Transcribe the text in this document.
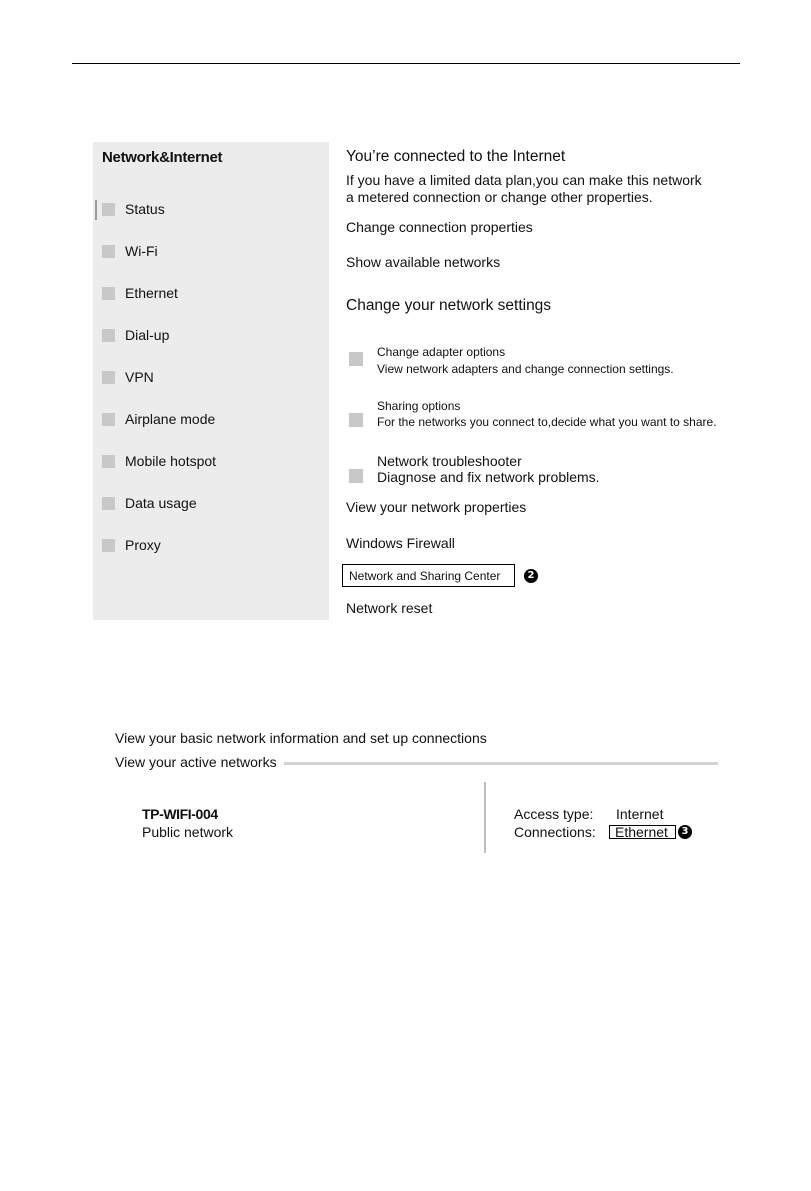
Network&Internet
Status
Wi-Fi
Ethernet
Dial-up
VPN
Airplane mode
Mobile hotspot
Data usage
Proxy
You’re connected to the Internet
If you have a limited data plan,you can make this network
a metered connection or change other properties.
Change connection properties
Show available networks
Change your network settings
Change adapter options
View network adapters and change connection settings.
Sharing options
For the networks you connect to,decide what you want to share.
Network troubleshooter
Diagnose and fix network problems.
View your network properties
Windows Firewall
Network and Sharing Center	2
Network reset
View your basic network information and set up connections
View your active networks
TP-WIFI-004
Public network
Access type: Internet
Connections: Ethernet	3
